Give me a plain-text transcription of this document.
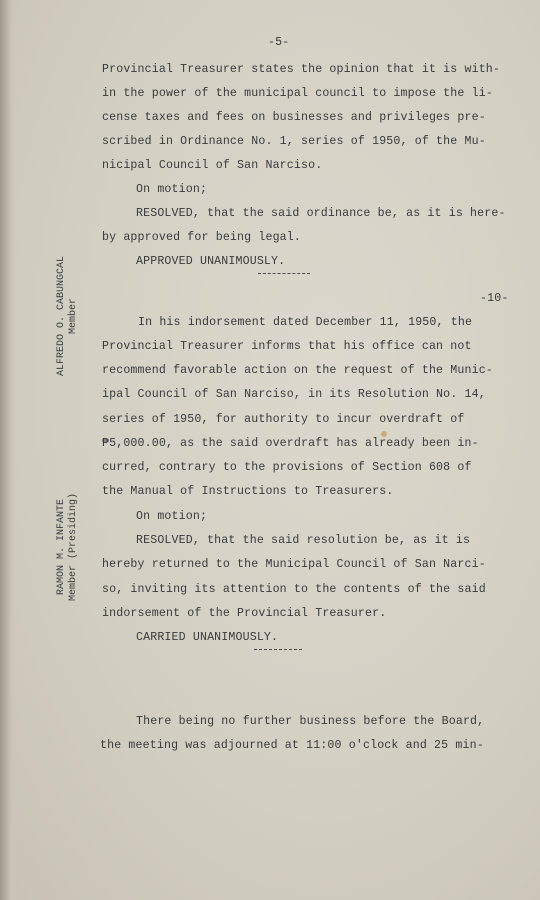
-5-
Provincial Treasurer states the opinion that it is with-
in the power of the municipal council to impose the li-
cense taxes and fees on businesses and privileges pre-
scribed in Ordinance No. 1, series of 1950, of the Mu-
nicipal Council of San Narciso.
On motion;
RESOLVED, that the said ordinance be, as it is here-
by approved for being legal.
APPROVED UNANIMOUSLY.
-10-
In his indorsement dated December 11, 1950, the
Provincial Treasurer informs that his office can not
recommend favorable action on the request of the Munic-
ipal Council of San Narciso, in its Resolution No. 14,
series of 1950, for authority to incur overdraft of
₱5,000.00, as the said overdraft has already been in-
curred, contrary to the provisions of Section 608 of
the Manual of Instructions to Treasurers.
On motion;
RESOLVED, that the said resolution be, as it is
hereby returned to the Municipal Council of San Narci-
so, inviting its attention to the contents of the said
indorsement of the Provincial Treasurer.
CARRIED UNANIMOUSLY.
There being no further business before the Board,
the meeting was adjourned at 11:00 o'clock and 25 min-
ALFREDO O. CABUNGCAL
Member
RAMON M. INFANTE
Member (Presiding)
